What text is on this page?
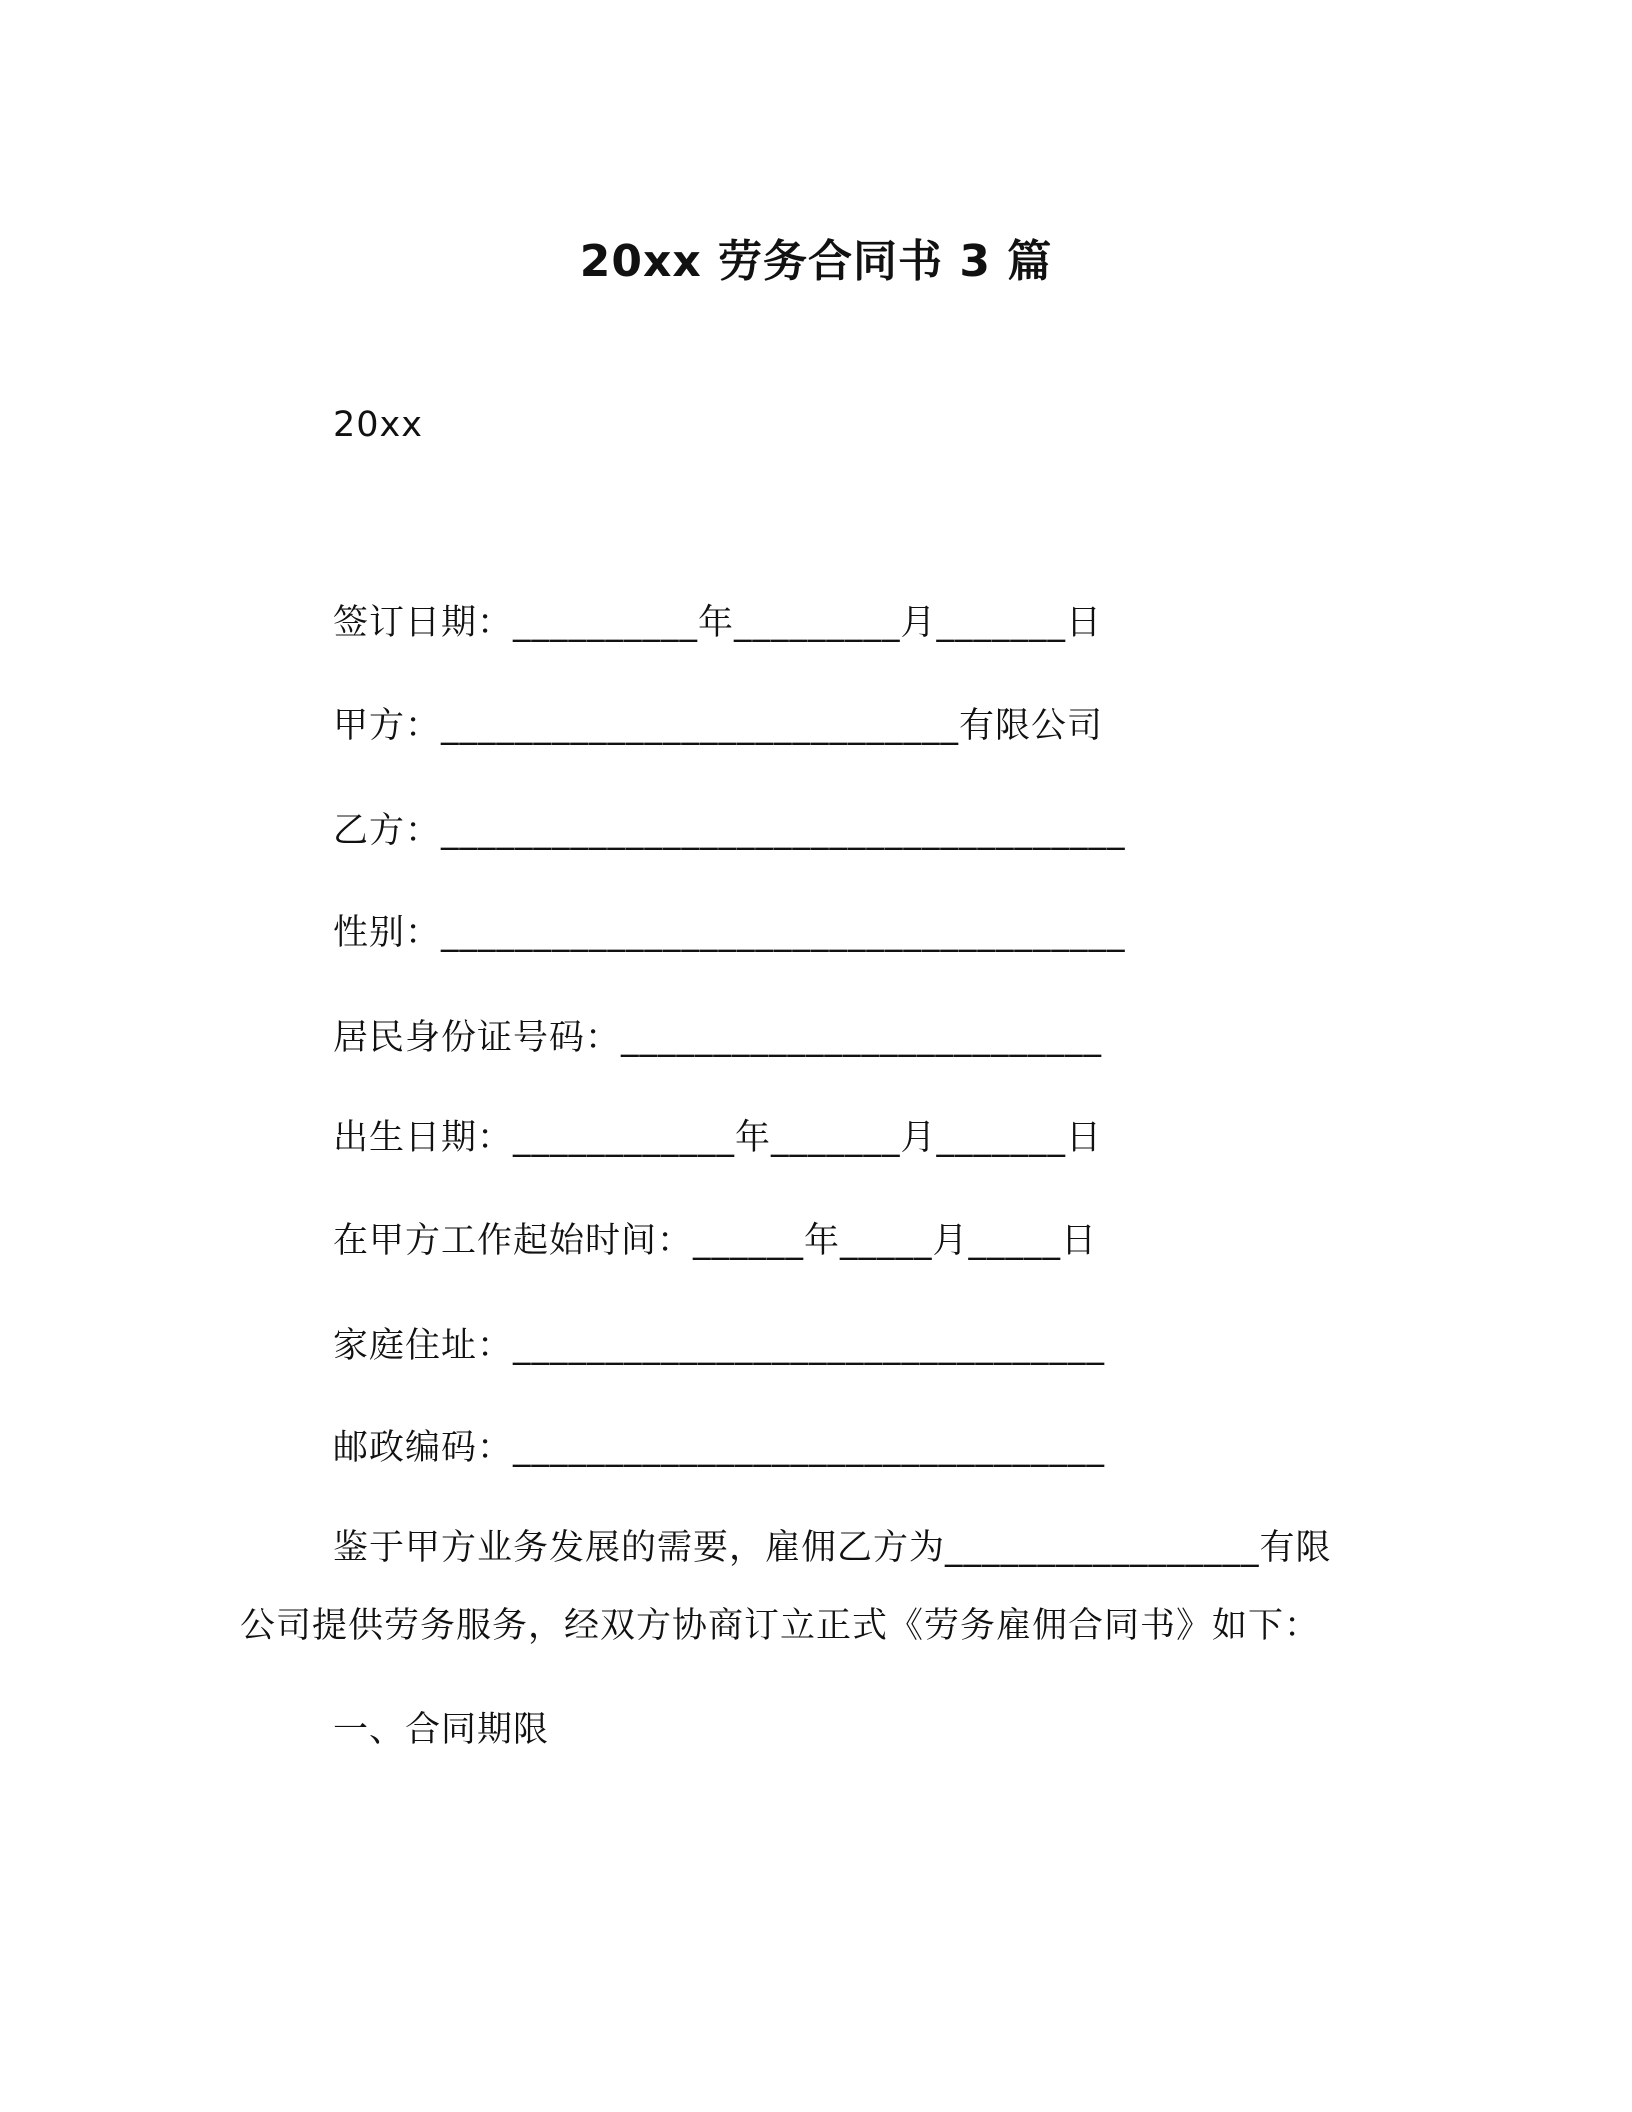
20xx 劳务合同书 3 篇
20xx
签订日期：__________年_________月_______日
甲方：____________________________有限公司
乙方：_____________________________________
性别：_____________________________________
居民身份证号码：__________________________
出生日期：____________年_______月_______日
在甲方工作起始时间：______年_____月_____日
家庭住址：________________________________
邮政编码：________________________________
鉴于甲方业务发展的需要，雇佣乙方为_________________有限
公司提供劳务服务，经双方协商订立正式《劳务雇佣合同书》如下：
一、合同期限
